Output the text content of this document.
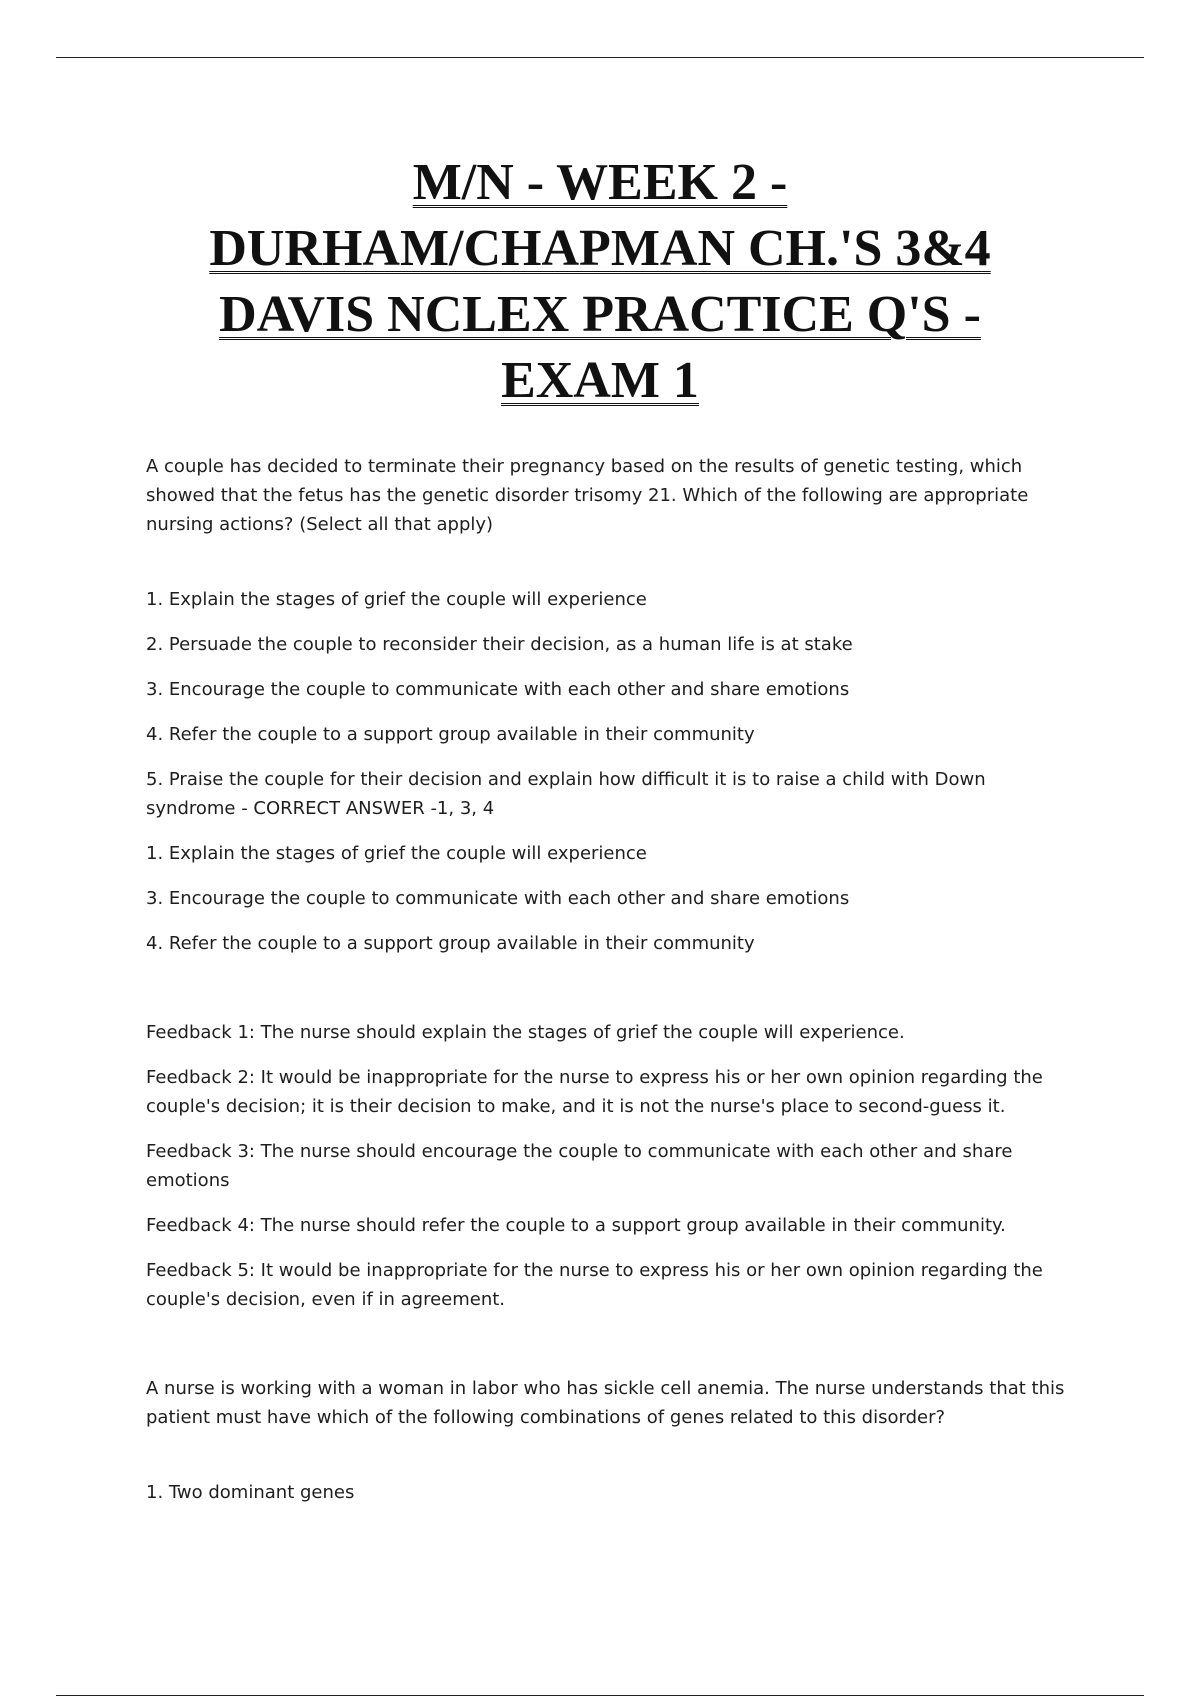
M/N - WEEK 2 -
DURHAM/CHAPMAN CH.'S 3&4
DAVIS NCLEX PRACTICE Q'S -
EXAM 1

A couple has decided to terminate their pregnancy based on the results of genetic testing, which showed that the fetus has the genetic disorder trisomy 21. Which of the following are appropriate nursing actions? (Select all that apply)

1. Explain the stages of grief the couple will experience

2. Persuade the couple to reconsider their decision, as a human life is at stake

3. Encourage the couple to communicate with each other and share emotions

4. Refer the couple to a support group available in their community

5. Praise the couple for their decision and explain how difficult it is to raise a child with Down syndrome - CORRECT ANSWER -1, 3, 4

1. Explain the stages of grief the couple will experience

3. Encourage the couple to communicate with each other and share emotions

4. Refer the couple to a support group available in their community

Feedback 1: The nurse should explain the stages of grief the couple will experience.

Feedback 2: It would be inappropriate for the nurse to express his or her own opinion regarding the couple's decision; it is their decision to make, and it is not the nurse's place to second-guess it.

Feedback 3: The nurse should encourage the couple to communicate with each other and share emotions

Feedback 4: The nurse should refer the couple to a support group available in their community.

Feedback 5: It would be inappropriate for the nurse to express his or her own opinion regarding the couple's decision, even if in agreement.

A nurse is working with a woman in labor who has sickle cell anemia. The nurse understands that this patient must have which of the following combinations of genes related to this disorder?

1. Two dominant genes
